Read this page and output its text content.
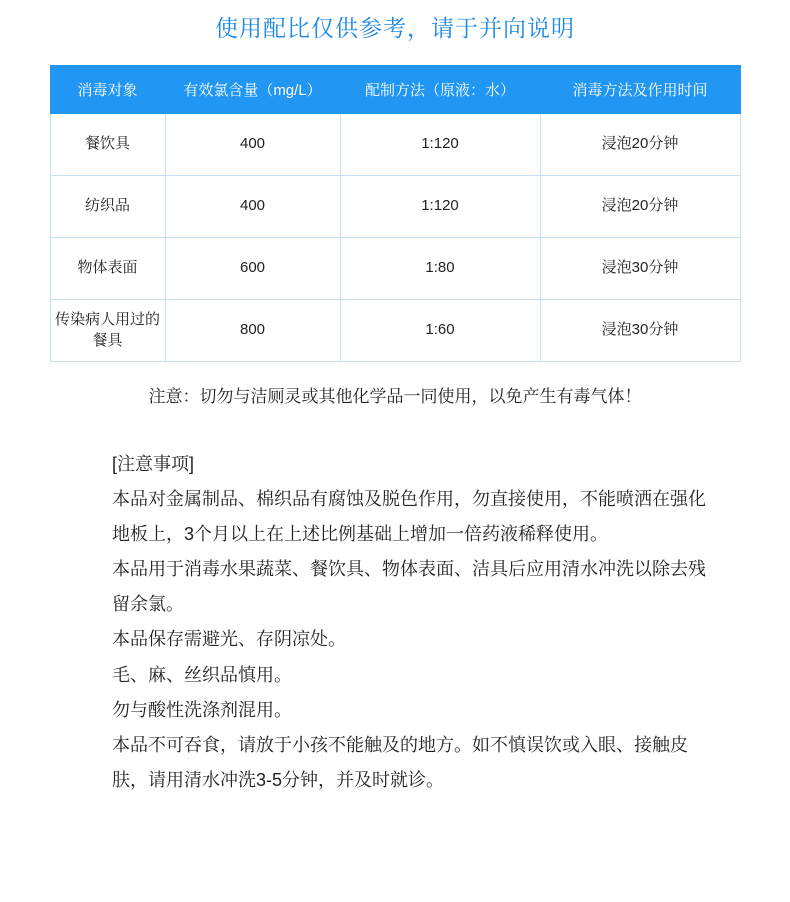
使用配比仅供参考，请于并向说明
消毒对象	有效氯含量（mg/L）	配制方法（原液：水）	消毒方法及作用时间
餐饮具	400	1:120	浸泡20分钟
纺织品	400	1:120	浸泡20分钟
物体表面	600	1:80	浸泡30分钟
传染病人用过的餐具	800	1:60	浸泡30分钟
注意：切勿与洁厕灵或其他化学品一同使用，以免产生有毒气体！

[注意事项]

本品对金属制品、棉织品有腐蚀及脱色作用，勿直接使用，不能喷洒在强化地板上，3个月以上在上述比例基础上增加一倍药液稀释使用。

本品用于消毒水果蔬菜、餐饮具、物体表面、洁具后应用清水冲洗以除去残留余氯。

本品保存需避光、存阴凉处。

毛、麻、丝织品慎用。

勿与酸性洗涤剂混用。

本品不可吞食，请放于小孩不能触及的地方。如不慎误饮或入眼、接触皮肤，请用清水冲洗3-5分钟，并及时就诊。
